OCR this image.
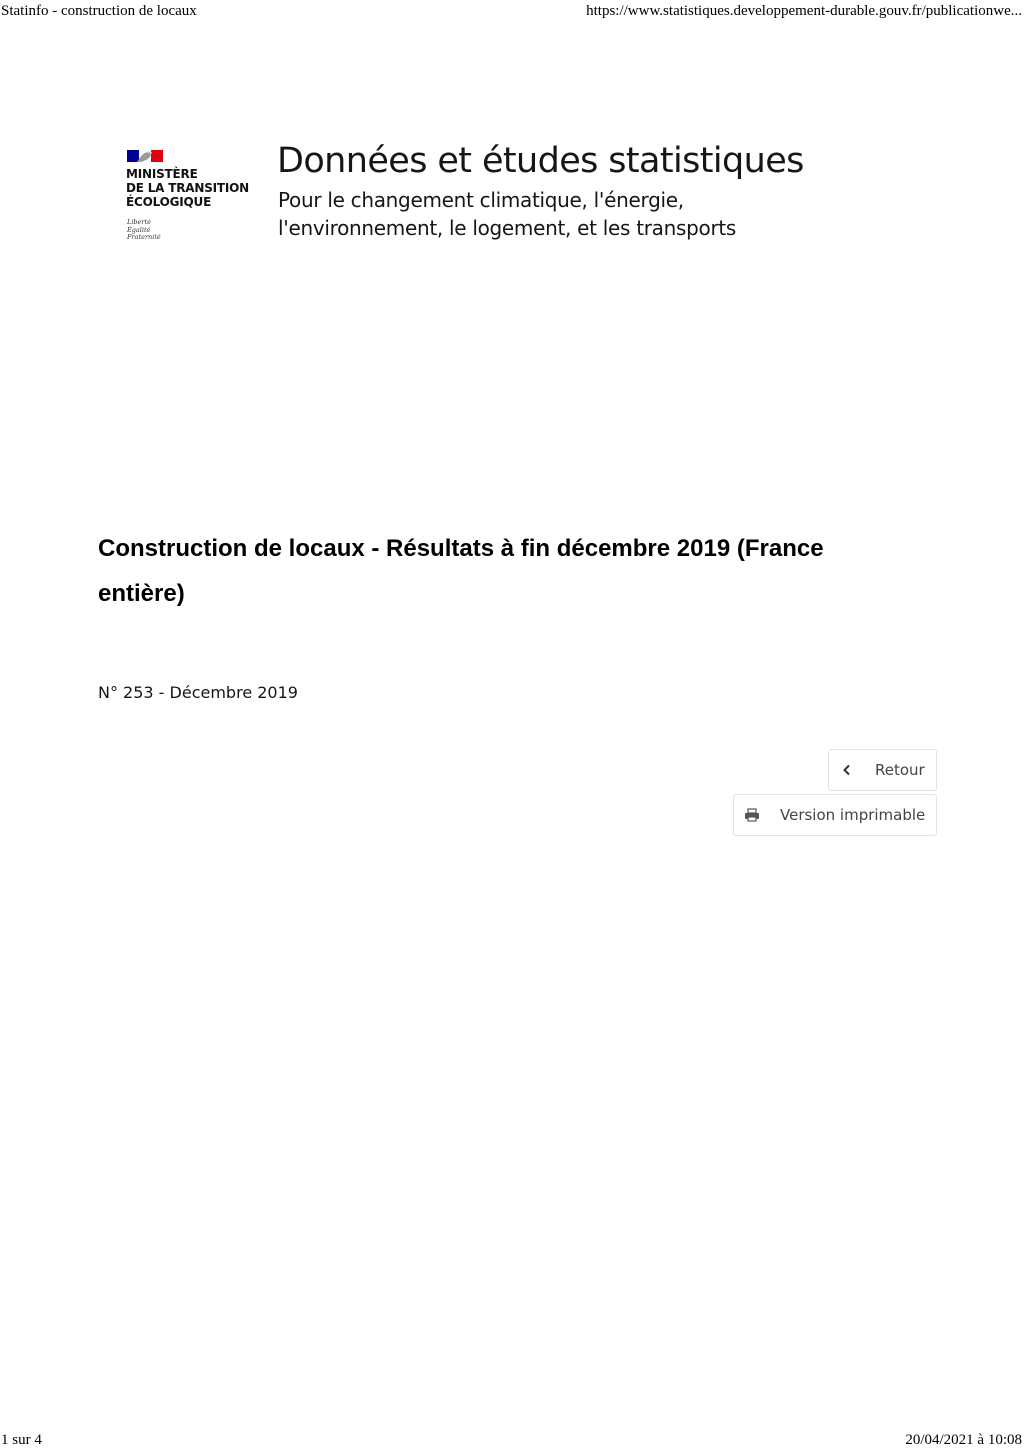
Statinfo - construction de locaux	https://www.statistiques.developpement-durable.gouv.fr/publicationwe...
MINISTÈRE
DE LA TRANSITION
ÉCOLOGIQUE
Liberté
Égalité
Fraternité
Données et études statistiques
Pour le changement climatique, l'énergie,
l'environnement, le logement, et les transports
Construction de locaux - Résultats à fin décembre 2019 (France entière)
N° 253 - Décembre 2019
Retour
Version imprimable
1 sur 4	20/04/2021 à 10:08
